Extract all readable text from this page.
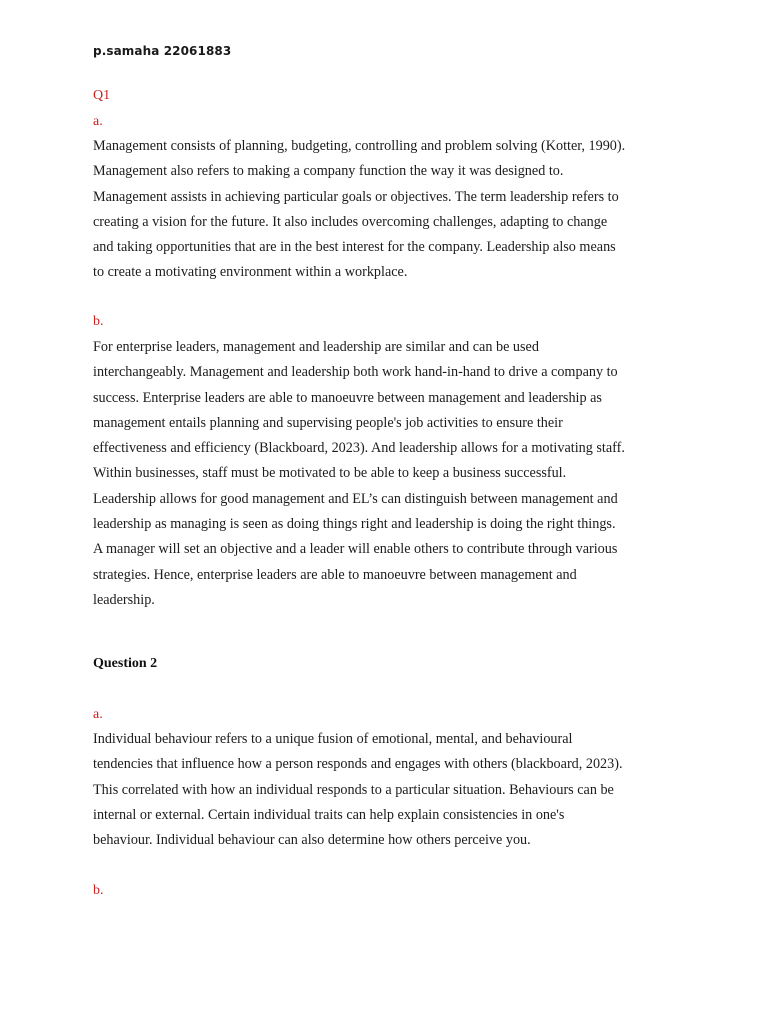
p.samaha 22061883
Q1
a.
Management consists of planning, budgeting, controlling and problem solving (Kotter, 1990).
Management also refers to making a company function the way it was designed to.
Management assists in achieving particular goals or objectives. The term leadership refers to
creating a vision for the future. It also includes overcoming challenges, adapting to change
and taking opportunities that are in the best interest for the company. Leadership also means
to create a motivating environment within a workplace.
b.
For enterprise leaders, management and leadership are similar and can be used
interchangeably. Management and leadership both work hand-in-hand to drive a company to
success. Enterprise leaders are able to manoeuvre between management and leadership as
management entails planning and supervising people's job activities to ensure their
effectiveness and efficiency (Blackboard, 2023). And leadership allows for a motivating staff.
Within businesses, staff must be motivated to be able to keep a business successful.
Leadership allows for good management and EL’s can distinguish between management and
leadership as managing is seen as doing things right and leadership is doing the right things.
A manager will set an objective and a leader will enable others to contribute through various
strategies. Hence, enterprise leaders are able to manoeuvre between management and
leadership.
Question 2
a.
Individual behaviour refers to a unique fusion of emotional, mental, and behavioural
tendencies that influence how a person responds and engages with others (blackboard, 2023).
This correlated with how an individual responds to a particular situation. Behaviours can be
internal or external. Certain individual traits can help explain consistencies in one's
behaviour. Individual behaviour can also determine how others perceive you.
b.
